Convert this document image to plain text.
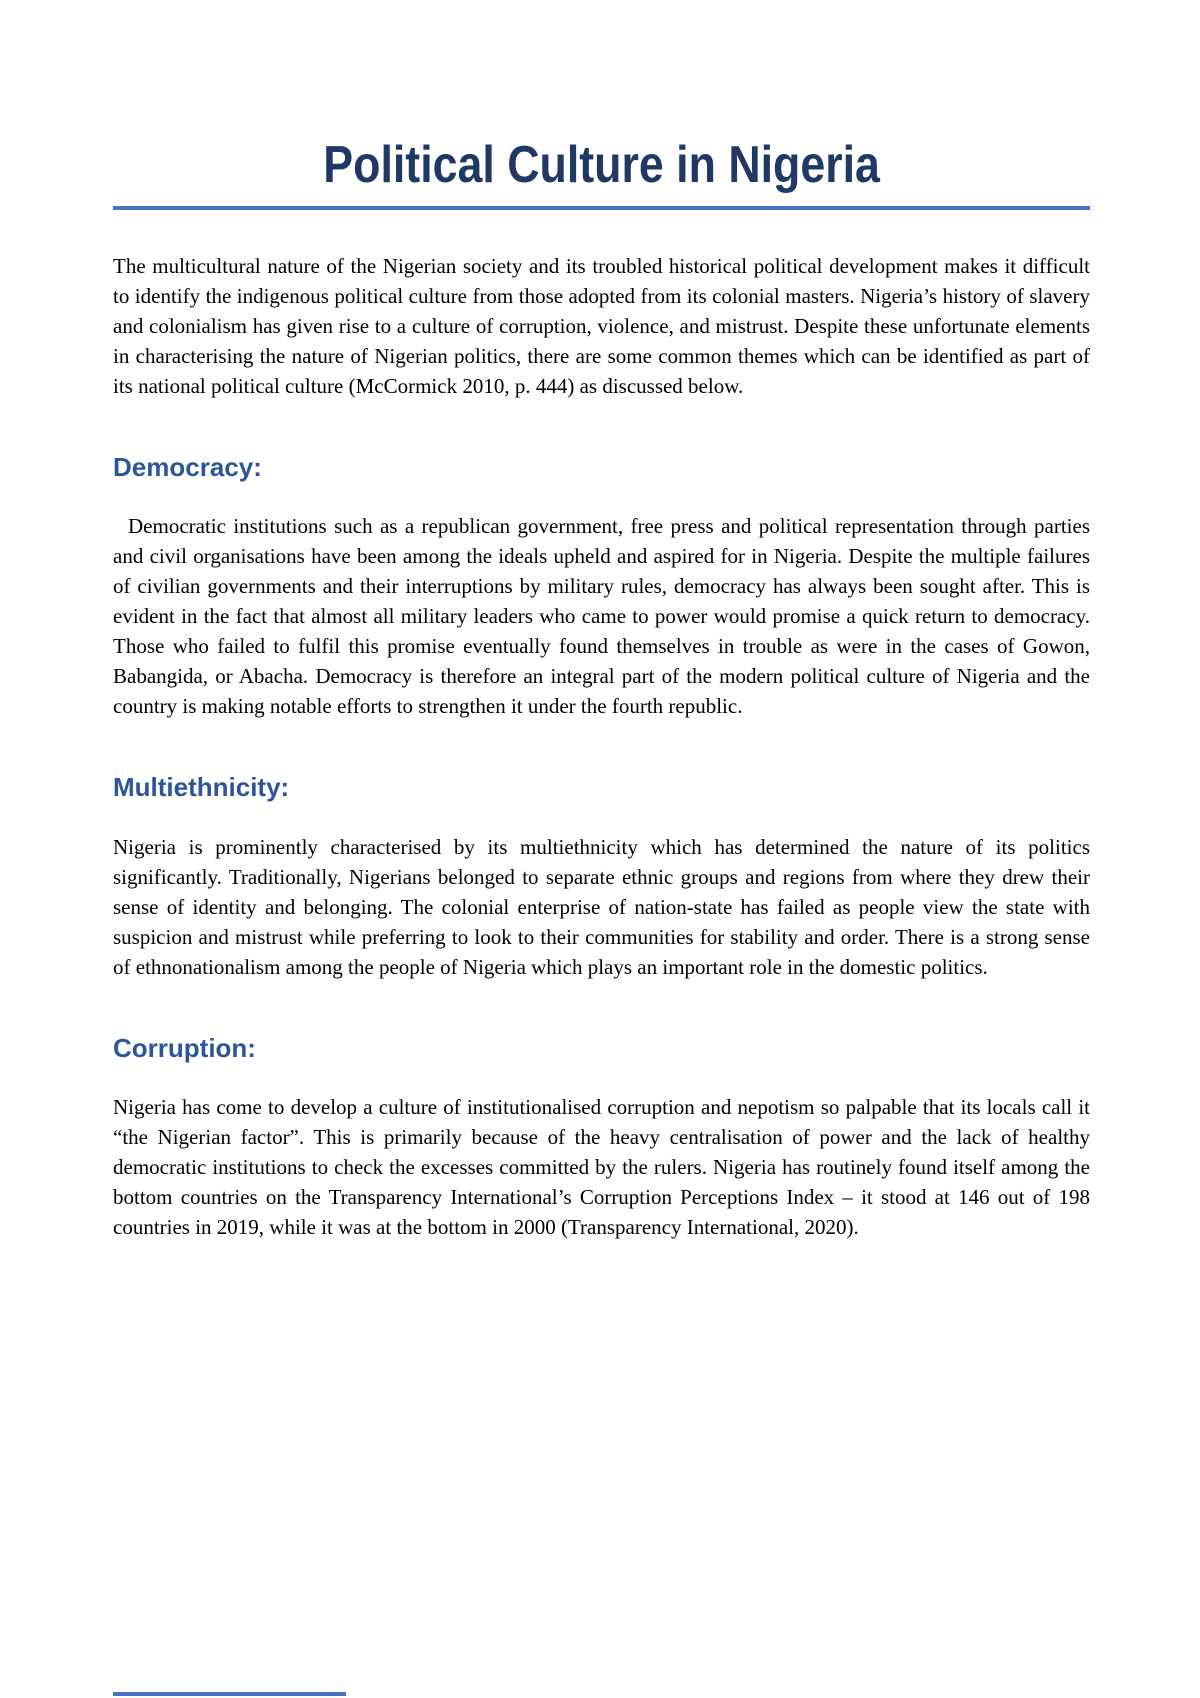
Political Culture in Nigeria

The multicultural nature of the Nigerian society and its troubled historical political development makes it difficult to identify the indigenous political culture from those adopted from its colonial masters. Nigeria’s history of slavery and colonialism has given rise to a culture of corruption, violence, and mistrust. Despite these unfortunate elements in characterising the nature of Nigerian politics, there are some common themes which can be identified as part of its national political culture (McCormick 2010, p. 444) as discussed below.

Democracy:

Democratic institutions such as a republican government, free press and political representation through parties and civil organisations have been among the ideals upheld and aspired for in Nigeria. Despite the multiple failures of civilian governments and their interruptions by military rules, democracy has always been sought after. This is evident in the fact that almost all military leaders who came to power would promise a quick return to democracy. Those who failed to fulfil this promise eventually found themselves in trouble as were in the cases of Gowon, Babangida, or Abacha. Democracy is therefore an integral part of the modern political culture of Nigeria and the country is making notable efforts to strengthen it under the fourth republic.

Multiethnicity:

Nigeria is prominently characterised by its multiethnicity which has determined the nature of its politics significantly. Traditionally, Nigerians belonged to separate ethnic groups and regions from where they drew their sense of identity and belonging. The colonial enterprise of nation-state has failed as people view the state with suspicion and mistrust while preferring to look to their communities for stability and order. There is a strong sense of ethnonationalism among the people of Nigeria which plays an important role in the domestic politics.

Corruption:

Nigeria has come to develop a culture of institutionalised corruption and nepotism so palpable that its locals call it “the Nigerian factor”. This is primarily because of the heavy centralisation of power and the lack of healthy democratic institutions to check the excesses committed by the rulers. Nigeria has routinely found itself among the bottom countries on the Transparency International’s Corruption Perceptions Index – it stood at 146 out of 198 countries in 2019, while it was at the bottom in 2000 (Transparency International, 2020).
